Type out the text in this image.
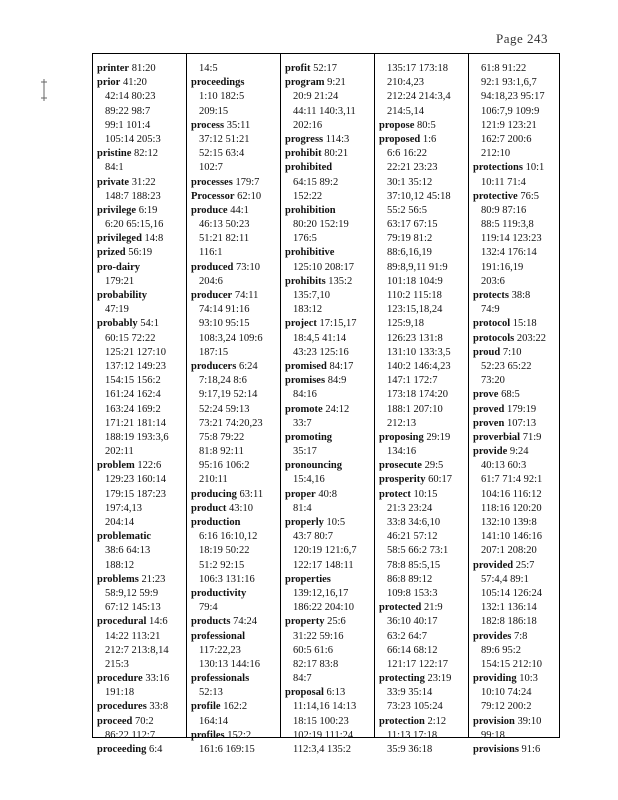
Page 243
printer 81:20
prior 41:20
42:14 80:23
89:22 98:7
99:1 101:4
105:14 205:3
pristine 82:12
84:1
private 31:22
148:7 188:23
privilege 6:19
6:20 65:15,16
privileged 14:8
prized 56:19
pro-dairy
179:21
probability
47:19
probably 54:1
60:15 72:22
125:21 127:10
137:12 149:23
154:15 156:2
161:24 162:4
163:24 169:2
171:21 181:14
188:19 193:3,6
202:11
problem 122:6
129:23 160:14
179:15 187:23
197:4,13
204:14
problematic
38:6 64:13
188:12
problems 21:23
58:9,12 59:9
67:12 145:13
procedural 14:6
14:22 113:21
212:7 213:8,14
215:3
procedure 33:16
191:18
procedures 33:8
proceed 70:2
86:22 112:7
proceeding 6:4
14:5
proceedings
1:10 182:5
209:15
process 35:11
37:12 51:21
52:15 63:4
102:7
processes 179:7
Processor 62:10
produce 44:1
46:13 50:23
51:21 82:11
116:1
produced 73:10
204:6
producer 74:11
74:14 91:16
93:10 95:15
108:3,24 109:6
187:15
producers 6:24
7:18,24 8:6
9:17,19 52:14
52:24 59:13
73:21 74:20,23
75:8 79:22
81:8 92:11
95:16 106:2
210:11
producing 63:11
product 43:10
production
6:16 16:10,12
18:19 50:22
51:2 92:15
106:3 131:16
productivity
79:4
products 74:24
professional
117:22,23
130:13 144:16
professionals
52:13
profile 162:2
164:14
profiles 152:2
161:6 169:15
profit 52:17
program 9:21
20:9 21:24
44:11 140:3,11
202:16
progress 114:3
prohibit 80:21
prohibited
64:15 89:2
152:22
prohibition
80:20 152:19
176:5
prohibitive
125:10 208:17
prohibits 135:2
135:7,10
183:12
project 17:15,17
18:4,5 41:14
43:23 125:16
promised 84:17
promises 84:9
84:16
promote 24:12
33:7
promoting
35:17
pronouncing
15:4,16
proper 40:8
81:4
properly 10:5
43:7 80:7
120:19 121:6,7
122:17 148:11
properties
139:12,16,17
186:22 204:10
property 25:6
31:22 59:16
60:5 61:6
82:17 83:8
84:7
proposal 6:13
11:14,16 14:13
18:15 100:23
102:19 111:24
112:3,4 135:2
135:17 173:18
210:4,23
212:24 214:3,4
214:5,14
propose 80:5
proposed 1:6
6:6 16:22
22:21 23:23
30:1 35:12
37:10,12 45:18
55:2 56:5
63:17 67:15
79:19 81:2
88:6,16,19
89:8,9,11 91:9
101:18 104:9
110:2 115:18
123:15,18,24
125:9,18
126:23 131:8
131:10 133:3,5
140:2 146:4,23
147:1 172:7
173:18 174:20
188:1 207:10
212:13
proposing 29:19
134:16
prosecute 29:5
prosperity 60:17
protect 10:15
21:3 23:24
33:8 34:6,10
46:21 57:12
58:5 66:2 73:1
78:8 85:5,15
86:8 89:12
109:8 153:3
protected 21:9
36:10 40:17
63:2 64:7
66:14 68:12
121:17 122:17
protecting 23:19
33:9 35:14
73:23 105:24
protection 2:12
11:13 17:18
35:9 36:18
61:8 91:22
92:1 93:1,6,7
94:18,23 95:17
106:7,9 109:9
121:9 123:21
162:7 200:6
212:10
protections 10:1
10:11 71:4
protective 76:5
80:9 87:16
88:5 119:3,8
119:14 123:23
132:4 176:14
191:16,19
203:6
protects 38:8
74:9
protocol 15:18
protocols 203:22
proud 7:10
52:23 65:22
73:20
prove 68:5
proved 179:19
proven 107:13
proverbial 71:9
provide 9:24
40:13 60:3
61:7 71:4 92:1
104:16 116:12
118:16 120:20
132:10 139:8
141:10 146:16
207:1 208:20
provided 25:7
57:4,4 89:1
105:14 126:24
132:1 136:14
182:8 186:18
provides 7:8
89:6 95:2
154:15 212:10
providing 10:3
10:10 74:24
79:12 200:2
provision 39:10
99:18
provisions 91:6
